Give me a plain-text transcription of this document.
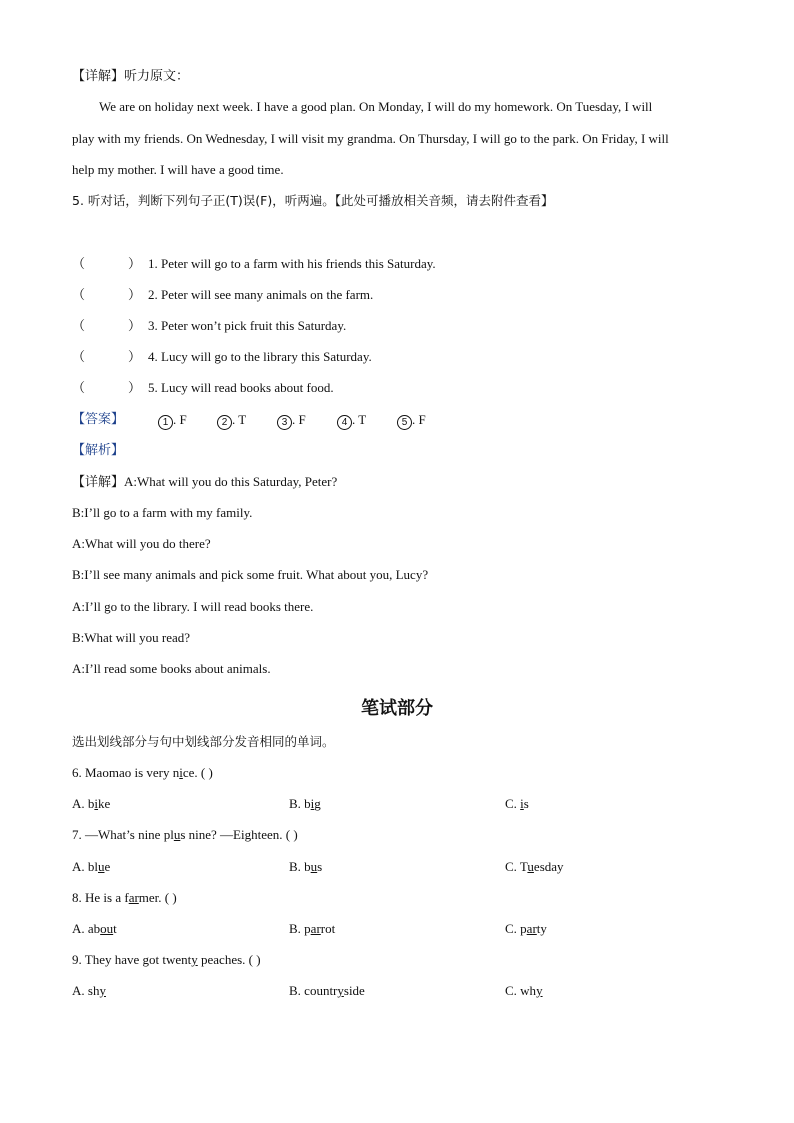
【详解】听力原文：
We are on holiday next week. I have a good plan. On Monday, I will do my homework. On Tuesday, I will
play with my friends. On Wednesday, I will visit my grandma. On Thursday, I will go to the park. On Friday, I will
help my mother. I will have a good time.
5. 听对话，判断下列句子正(T)误(F)，听两遍。【此处可播放相关音频，请去附件查看】
（	） 1. Peter will go to a farm with his friends this Saturday.
（	） 2. Peter will see many animals on the farm.
（	） 3. Peter won’t pick fruit this Saturday.
（	） 4. Lucy will go to the library this Saturday.
（	） 5. Lucy will read books about food.
【答案】	1 . F	2 . T	3 . F	4 . T	5 . F
【解析】
【详解】A:What will you do this Saturday, Peter?
B:I’ll go to a farm with my family.
A:What will you do there?
B:I’ll see many animals and pick some fruit. What about you, Lucy?
A:I’ll go to the library. I will read books there.
B:What will you read?
A:I’ll read some books about animals.
笔试部分
选出划线部分与句中划线部分发音相同的单词。
6. Maomao is very nice. ( )
A. bike	B. big	C. is
7. —What’s nine plus nine? —Eighteen. ( )
A. blue	B. bus	C. Tuesday
8. He is a farmer. ( )
A. about	B. parrot	C. party
9. They have got twenty peaches. ( )
A. shy	B. countryside	C. why
